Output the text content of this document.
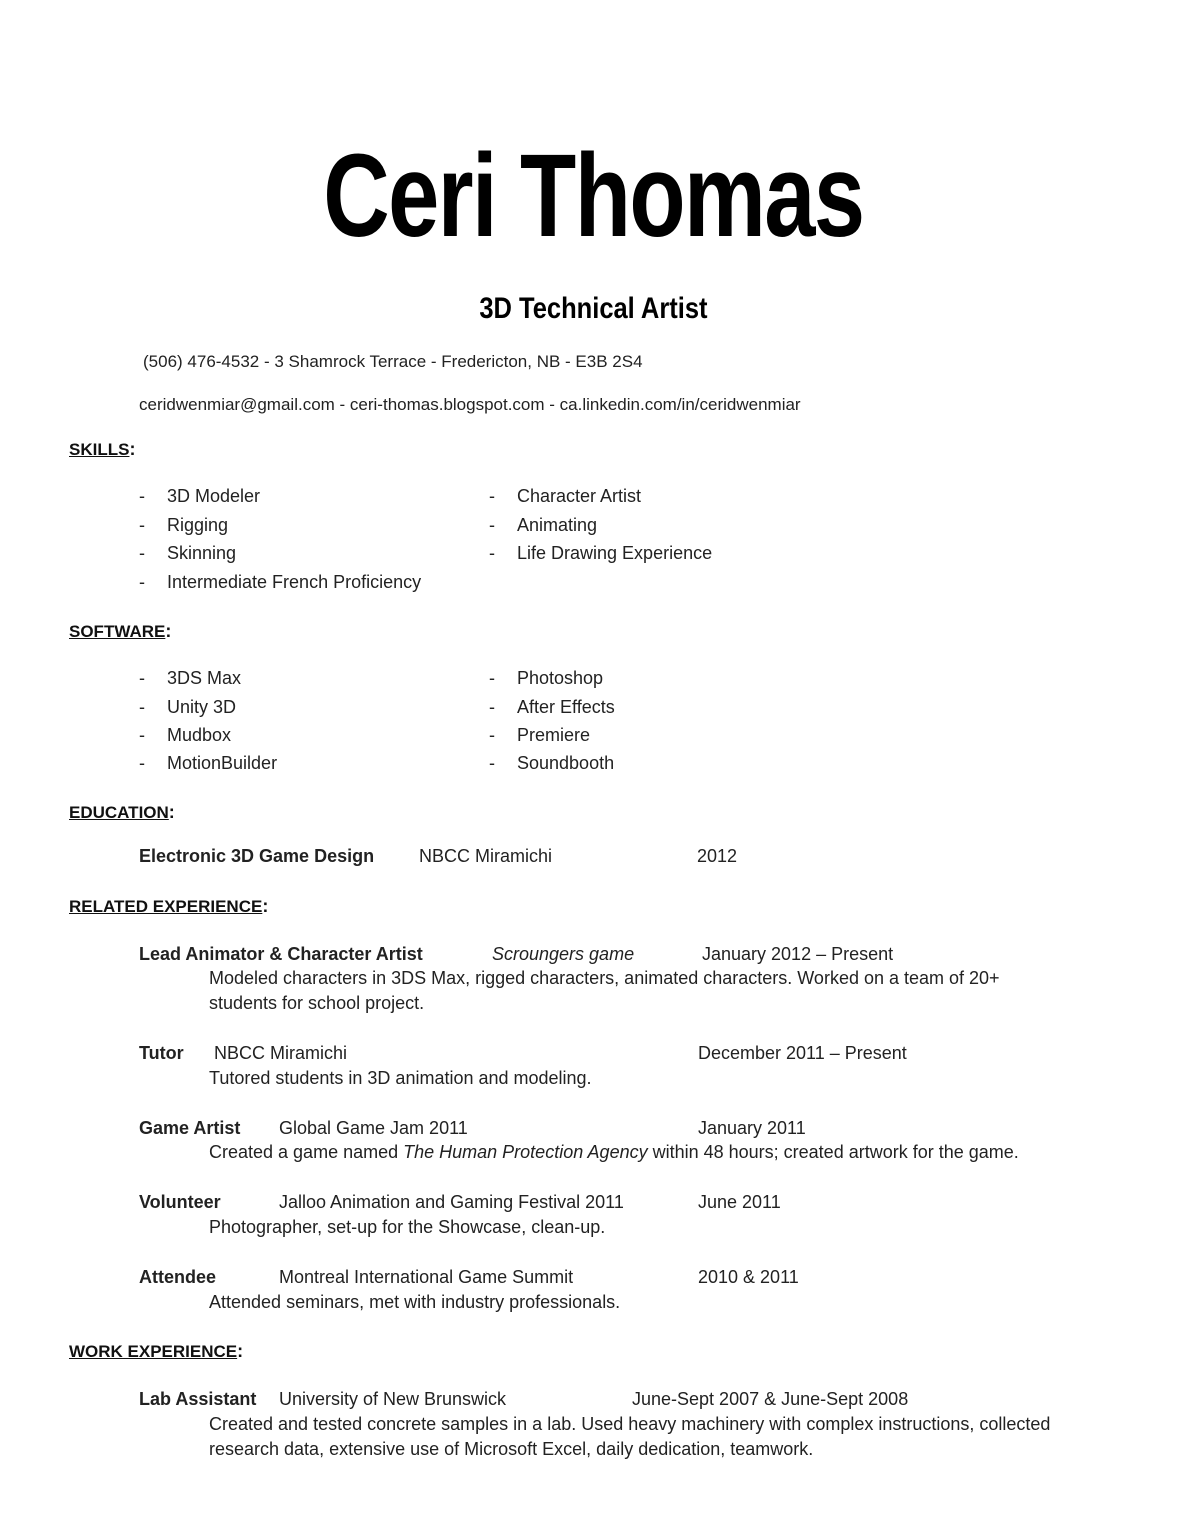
Ceri Thomas
3D Technical Artist
(506) 476-4532 - 3 Shamrock Terrace - Fredericton, NB - E3B 2S4
ceridwenmiar@gmail.com - ceri-thomas.blogspot.com - ca.linkedin.com/in/ceridwenmiar
SKILLS:
- 3D Modeler
- Rigging
- Skinning
- Intermediate French Proficiency
- Character Artist
- Animating
- Life Drawing Experience
SOFTWARE:
- 3DS Max
- Unity 3D
- Mudbox
- MotionBuilder
- Photoshop
- After Effects
- Premiere
- Soundbooth
EDUCATION:
Electronic 3D Game Design NBCC Miramichi	2012
RELATED EXPERIENCE:
Lead Animator & Character Artist	Scroungers game	January 2012 – Present
Modeled characters in 3DS Max, rigged characters, animated characters. Worked on a team of 20+
students for school project.
Tutor NBCC Miramichi	December 2011 – Present
Tutored students in 3D animation and modeling.
Game Artist Global Game Jam 2011	January 2011
Created a game named The Human Protection Agency within 48 hours; created artwork for the game.
Volunteer	Jalloo Animation and Gaming Festival 2011	June 2011
Photographer, set-up for the Showcase, clean-up.
Attendee	Montreal International Game Summit	2010 & 2011
Attended seminars, met with industry professionals.
WORK EXPERIENCE:
Lab Assistant University of New Brunswick	June-Sept 2007 & June-Sept 2008
Created and tested concrete samples in a lab. Used heavy machinery with complex instructions, collected
research data, extensive use of Microsoft Excel, daily dedication, teamwork.
